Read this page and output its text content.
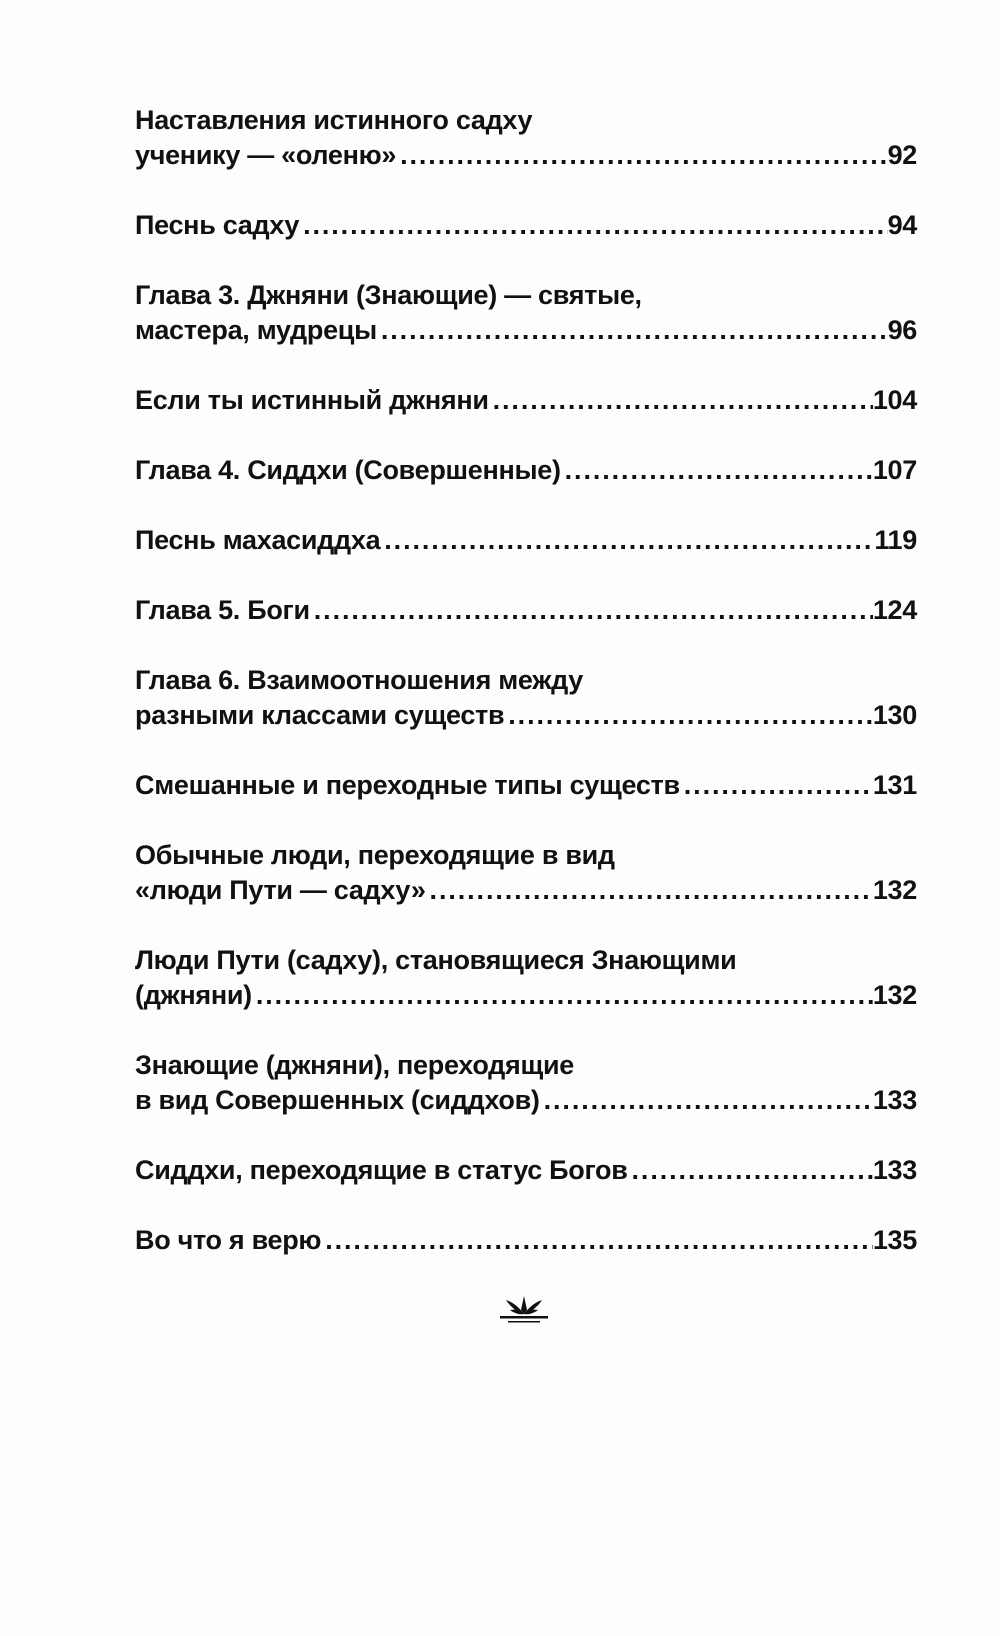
Наставления истинного садху
ученику — «оленю» . . .	92
Песнь садху . . .	94
Глава 3. Джняни (Знающие) — святые,
мастера, мудрецы . . .	96
Если ты истинный джняни . . .	104
Глава 4. Сиддхи (Совершенные) . . .	107
Песнь махасиддха . . .	119
Глава 5. Боги . . .	124
Глава 6. Взаимоотношения между
разными классами существ . . .	130
Смешанные и переходные типы существ . . .	131
Обычные люди, переходящие в вид
«люди Пути — садху» . . .	132
Люди Пути (садху), становящиеся Знающими
(джняни) . . .	132
Знающие (джняни), переходящие
в вид Совершенных (сиддхов) . . .	133
Сиддхи, переходящие в статус Богов . . .	133
Во что я верю . . .	135
